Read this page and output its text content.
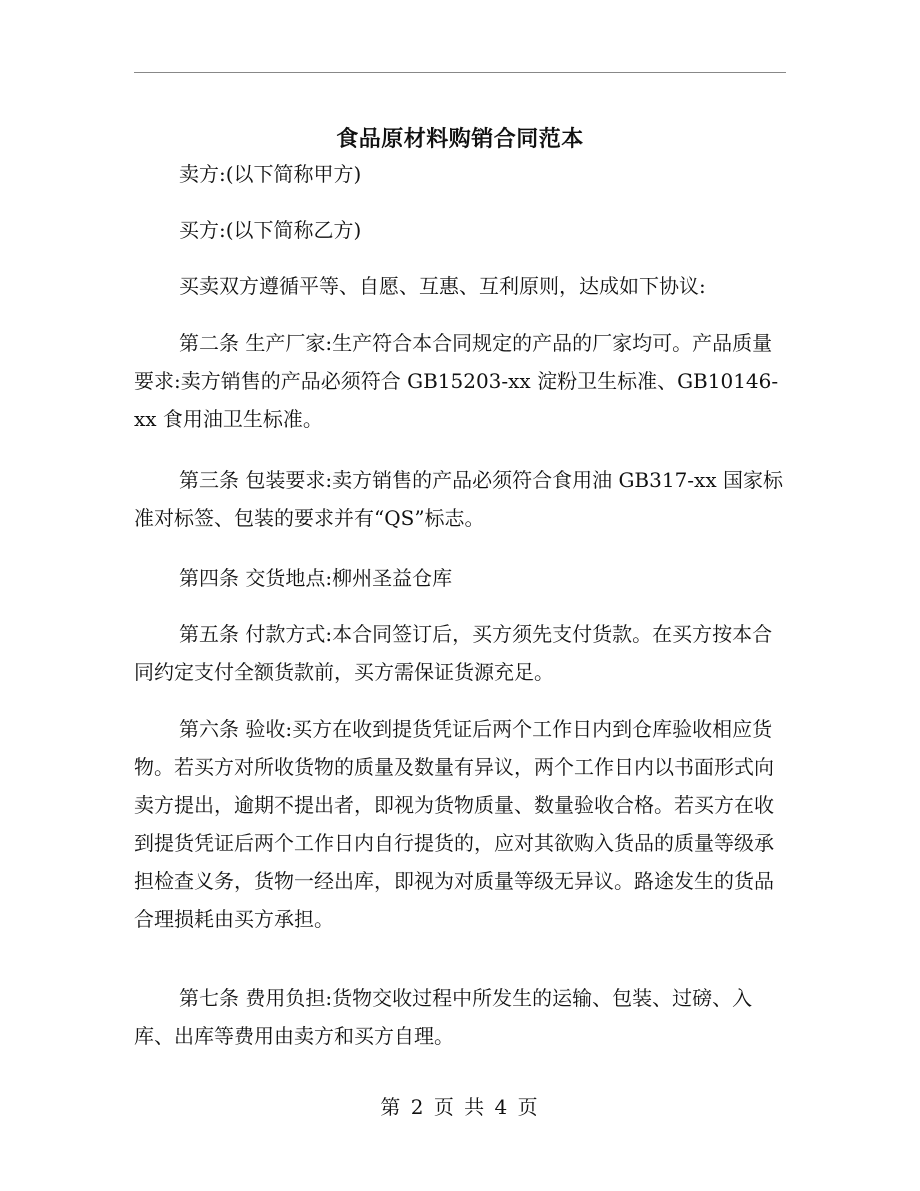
食品原材料购销合同范本

卖方:(以下简称甲方)

买方:(以下简称乙方)

买卖双方遵循平等、自愿、互惠、互利原则，达成如下协议:

第二条 生产厂家:生产符合本合同规定的产品的厂家均可。产品质量要求:卖方销售的产品必须符合 GB15203-xx 淀粉卫生标准、GB10146-xx 食用油卫生标准。

第三条 包装要求:卖方销售的产品必须符合食用油 GB317-xx 国家标准对标签、包装的要求并有“QS”标志。

第四条 交货地点:柳州圣益仓库

第五条 付款方式:本合同签订后，买方须先支付货款。在买方按本合同约定支付全额货款前，买方需保证货源充足。

第六条 验收:买方在收到提货凭证后两个工作日内到仓库验收相应货物。若买方对所收货物的质量及数量有异议，两个工作日内以书面形式向卖方提出，逾期不提出者，即视为货物质量、数量验收合格。若买方在收到提货凭证后两个工作日内自行提货的，应对其欲购入货品的质量等级承担检查义务，货物一经出库，即视为对质量等级无异议。路途发生的货品合理损耗由买方承担。

第七条 费用负担:货物交收过程中所发生的运输、包装、过磅、入库、出库等费用由卖方和买方自理。

第 2 页 共 4 页
